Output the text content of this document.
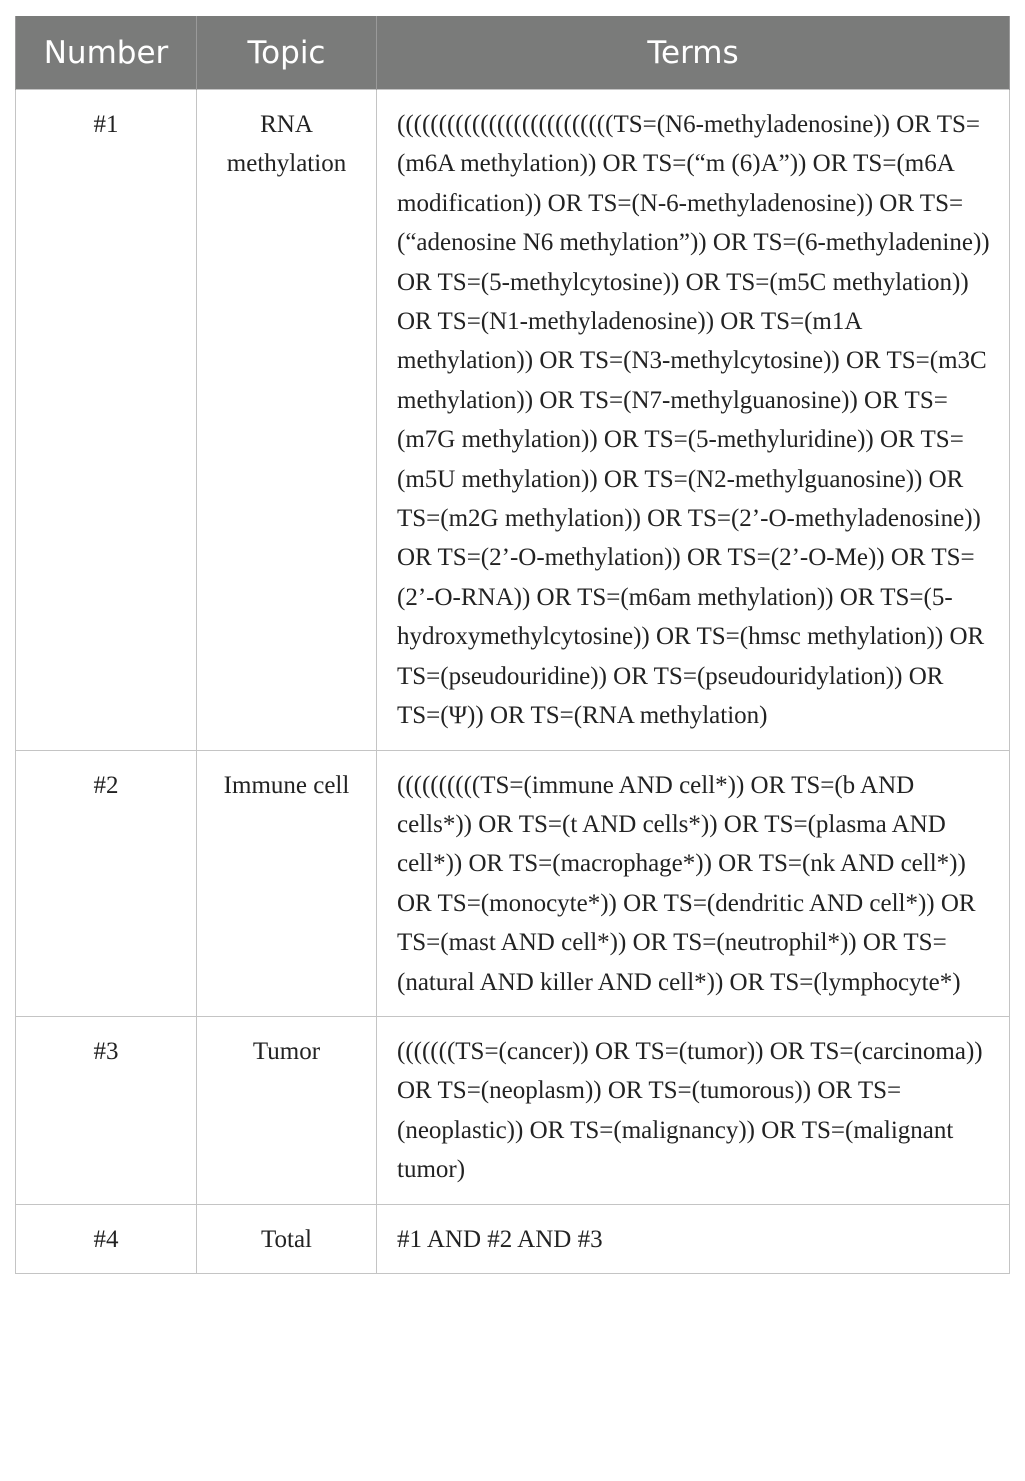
Number	Topic	Terms
#1	RNA methylation	((((((((((((((((((((((((((TS=(N6-methyladenosine)) OR TS=(m6A methylation)) OR TS=(“m (6)A”)) OR TS=(m6A modification)) OR TS=(N-6-methyladenosine)) OR TS=(“adenosine N6 methylation”)) OR TS=(6-methyladenine)) OR TS=(5-methylcytosine)) OR TS=(m5C methylation)) OR TS=(N1-methyladenosine)) OR TS=(m1A methylation)) OR TS=(N3-methylcytosine)) OR TS=(m3C methylation)) OR TS=(N7-methylguanosine)) OR TS=(m7G methylation)) OR TS=(5-methyluridine)) OR TS=(m5U methylation)) OR TS=(N2-methylguanosine)) OR TS=(m2G methylation)) OR TS=(2’-O-methyladenosine)) OR TS=(2’-O-methylation)) OR TS=(2’-O-Me)) OR TS=(2’-O-RNA)) OR TS=(m6am methylation)) OR TS=(5-hydroxymethylcytosine)) OR TS=(hmsc methylation)) OR TS=(pseudouridine)) OR TS=(pseudouridylation)) OR TS=(Ψ)) OR TS=(RNA methylation)
#2	Immune cell	((((((((((TS=(immune AND cell*)) OR TS=(b AND cells*)) OR TS=(t AND cells*)) OR TS=(plasma AND cell*)) OR TS=(macrophage*)) OR TS=(nk AND cell*)) OR TS=(monocyte*)) OR TS=(dendritic AND cell*)) OR TS=(mast AND cell*)) OR TS=(neutrophil*)) OR TS=(natural AND killer AND cell*)) OR TS=(lymphocyte*)
#3	Tumor	(((((((TS=(cancer)) OR TS=(tumor)) OR TS=(carcinoma)) OR TS=(neoplasm)) OR TS=(tumorous)) OR TS=(neoplastic)) OR TS=(malignancy)) OR TS=(malignant tumor)
#4	Total	#1 AND #2 AND #3
